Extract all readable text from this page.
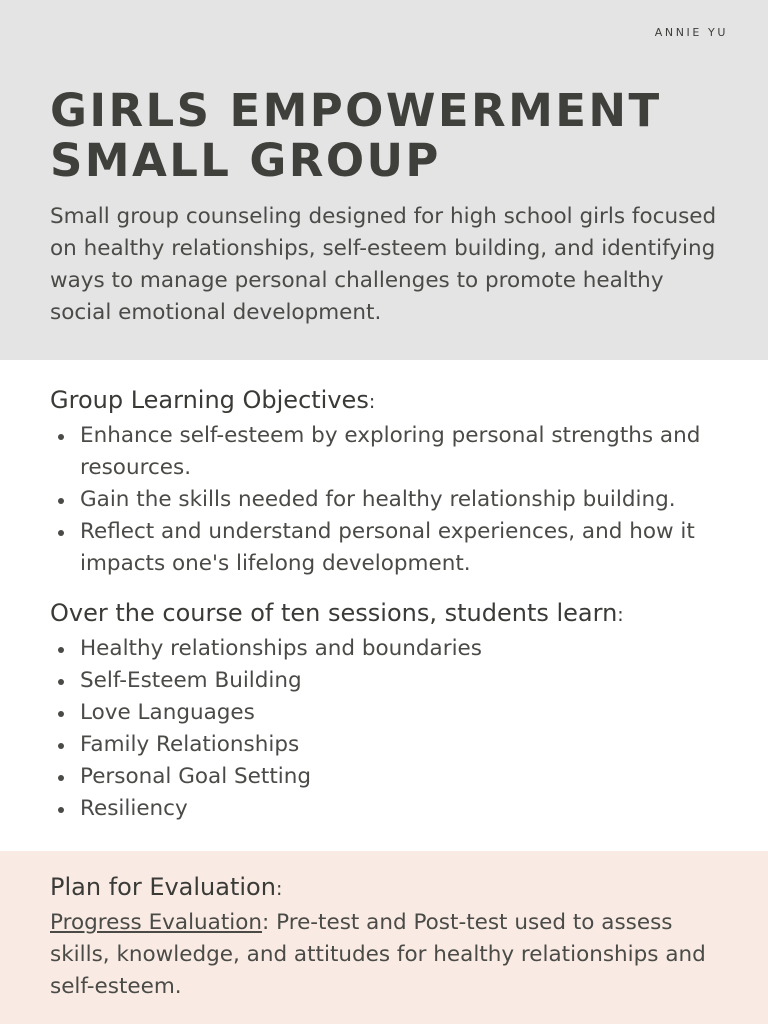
ANNIE YU
GIRLS EMPOWERMENT
SMALL GROUP

Small group counseling designed for high school girls focused on healthy relationships, self-esteem building, and identifying ways to manage personal challenges to promote healthy social emotional development.

Group Learning Objectives:
Enhance self-esteem by exploring personal strengths and resources.
Gain the skills needed for healthy relationship building.
Reflect and understand personal experiences, and how it impacts one's lifelong development.
Over the course of ten sessions, students learn:
Healthy relationships and boundaries
Self-Esteem Building
Love Languages
Family Relationships
Personal Goal Setting
Resiliency
Plan for Evaluation:

Progress Evaluation: Pre-test and Post-test used to assess skills, knowledge, and attitudes for healthy relationships and self-esteem.
